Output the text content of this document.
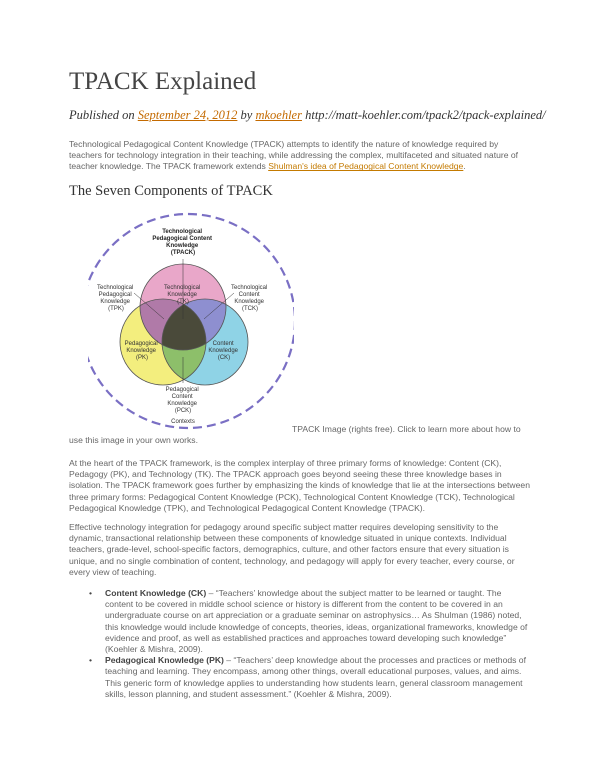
TPACK Explained
Published on September 24, 2012 by mkoehler http://matt-koehler.com/tpack2/tpack-explained/
Technological Pedagogical Content Knowledge (TPACK) attempts to identify the nature of knowledge required by teachers for technology integration in their teaching, while addressing the complex, multifaceted and situated nature of teacher knowledge. The TPACK framework extends Shulman's idea of Pedagogical Content Knowledge.
The Seven Components of TPACK
Technological Pedagogical Content Knowledge (TPACK)
Technological Knowledge (TK)
Pedagogical Knowledge (PK)
Content Knowledge (CK)
Technological Pedagogical Knowledge (TPK)
Technological Content Knowledge (TCK)
Pedagogical Content Knowledge (PCK)
Contexts
TPACK Image (rights free). Click to learn more about how to
use this image in your own works.
At the heart of the TPACK framework, is the complex interplay of three primary forms of knowledge: Content (CK), Pedagogy (PK), and Technology (TK). The TPACK approach goes beyond seeing these three knowledge bases in isolation. The TPACK framework goes further by emphasizing the kinds of knowledge that lie at the intersections between three primary forms: Pedagogical Content Knowledge (PCK), Technological Content Knowledge (TCK), Technological Pedagogical Knowledge (TPK), and Technological Pedagogical Content Knowledge (TPACK).
Effective technology integration for pedagogy around specific subject matter requires developing sensitivity to the dynamic, transactional relationship between these components of knowledge situated in unique contexts. Individual teachers, grade-level, school-specific factors, demographics, culture, and other factors ensure that every situation is unique, and no single combination of content, technology, and pedagogy will apply for every teacher, every course, or every view of teaching.
• Content Knowledge (CK) – “Teachers’ knowledge about the subject matter to be learned or taught. The content to be covered in middle school science or history is different from the content to be covered in an undergraduate course on art appreciation or a graduate seminar on astrophysics… As Shulman (1986) noted, this knowledge would include knowledge of concepts, theories, ideas, organizational frameworks, knowledge of evidence and proof, as well as established practices and approaches toward developing such knowledge” (Koehler & Mishra, 2009).
• Pedagogical Knowledge (PK) – “Teachers’ deep knowledge about the processes and practices or methods of teaching and learning. They encompass, among other things, overall educational purposes, values, and aims. This generic form of knowledge applies to understanding how students learn, general classroom management skills, lesson planning, and student assessment.” (Koehler & Mishra, 2009).
